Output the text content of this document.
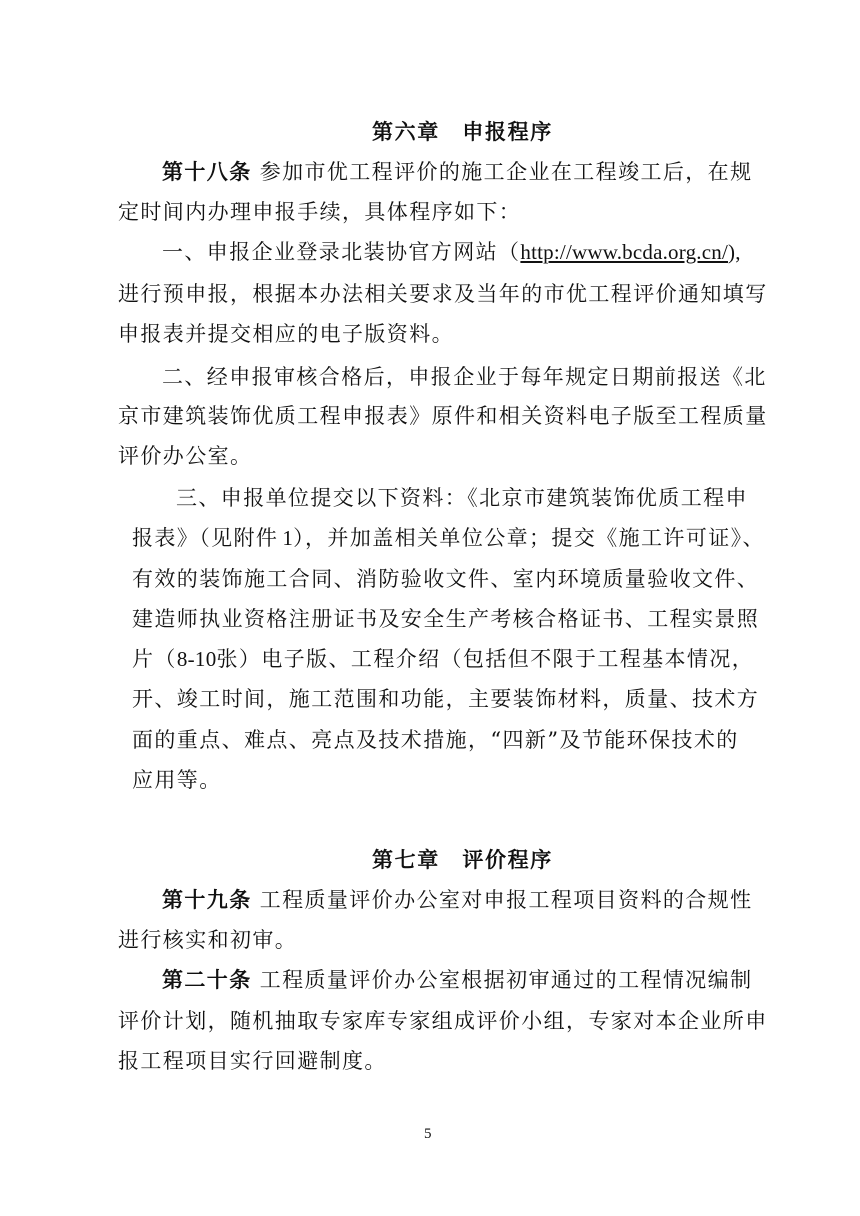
第六章　申报程序
第十八条 参加市优工程评价的施工企业在工程竣工后，在规
定时间内办理申报手续，具体程序如下：
一、申报企业登录北装协官方网站（http://www.bcda.org.cn/),
进行预申报，根据本办法相关要求及当年的市优工程评价通知填写
申报表并提交相应的电子版资料。
二、经申报审核合格后，申报企业于每年规定日期前报送《北
京市建筑装饰优质工程申报表》原件和相关资料电子版至工程质量
评价办公室。
三、申报单位提交以下资料：《北京市建筑装饰优质工程申
报表》（见附件 1），并加盖相关单位公章；提交《施工许可证》、
有效的装饰施工合同、消防验收文件、室内环境质量验收文件、
建造师执业资格注册证书及安全生产考核合格证书、工程实景照
片（8-10张）电子版、工程介绍（包括但不限于工程基本情况，
开、竣工时间，施工范围和功能，主要装饰材料，质量、技术方
面的重点、难点、亮点及技术措施，“四新”及节能环保技术的
应用等。
第七章　评价程序
第十九条 工程质量评价办公室对申报工程项目资料的合规性
进行核实和初审。
第二十条 工程质量评价办公室根据初审通过的工程情况编制
评价计划，随机抽取专家库专家组成评价小组，专家对本企业所申
报工程项目实行回避制度。
5
